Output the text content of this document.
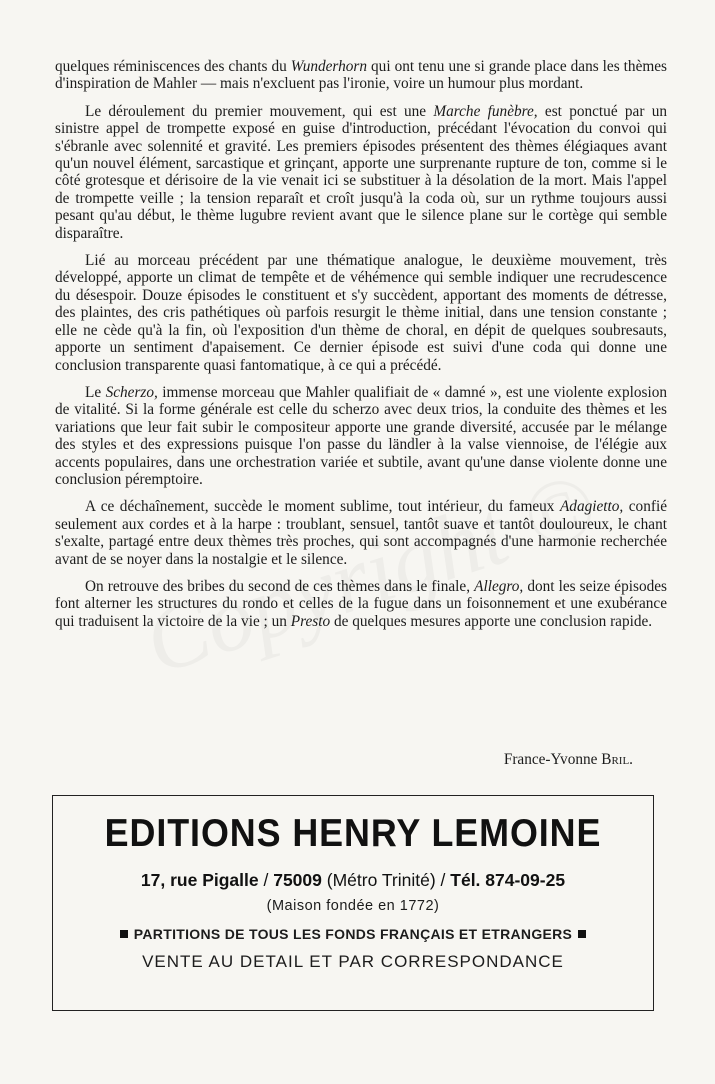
quelques réminiscences des chants du Wunderhorn qui ont tenu une si grande place dans les thèmes d'inspiration de Mahler — mais n'excluent pas l'ironie, voire un humour plus mordant.

Le déroulement du premier mouvement, qui est une Marche funèbre, est ponctué par un sinistre appel de trompette exposé en guise d'introduction, précédant l'évocation du convoi qui s'ébranle avec solennité et gravité. Les premiers épisodes présentent des thèmes élégiaques avant qu'un nouvel élément, sarcastique et grinçant, apporte une surprenante rupture de ton, comme si le côté grotesque et dérisoire de la vie venait ici se substituer à la désolation de la mort. Mais l'appel de trompette veille ; la tension reparaît et croît jusqu'à la coda où, sur un rythme toujours aussi pesant qu'au début, le thème lugubre revient avant que le silence plane sur le cortège qui semble disparaître.

Lié au morceau précédent par une thématique analogue, le deuxième mouvement, très développé, apporte un climat de tempête et de véhémence qui semble indiquer une recrudescence du désespoir. Douze épisodes le constituent et s'y succèdent, apportant des moments de détresse, des plaintes, des cris pathétiques où parfois resurgit le thème initial, dans une tension constante ; elle ne cède qu'à la fin, où l'exposition d'un thème de choral, en dépit de quelques soubresauts, apporte un sentiment d'apaisement. Ce dernier épisode est suivi d'une coda qui donne une conclusion transparente quasi fantomatique, à ce qui a précédé.

Le Scherzo, immense morceau que Mahler qualifiait de « damné », est une violente explosion de vitalité. Si la forme générale est celle du scherzo avec deux trios, la conduite des thèmes et les variations que leur fait subir le compositeur apporte une grande diversité, accusée par le mélange des styles et des expressions puisque l'on passe du ländler à la valse viennoise, de l'élégie aux accents populaires, dans une orchestration variée et subtile, avant qu'une danse violente donne une conclusion péremptoire.

A ce déchaînement, succède le moment sublime, tout intérieur, du fameux Adagietto, confié seulement aux cordes et à la harpe : troublant, sensuel, tantôt suave et tantôt douloureux, le chant s'exalte, partagé entre deux thèmes très proches, qui sont accompagnés d'une harmonie recherchée avant de se noyer dans la nostalgie et le silence.

On retrouve des bribes du second de ces thèmes dans le finale, Allegro, dont les seize épisodes font alterner les structures du rondo et celles de la fugue dans un foisonnement et une exubérance qui traduisent la victoire de la vie ; un Presto de quelques mesures apporte une conclusion rapide.

France-Yvonne Bril.
EDITIONS HENRY LEMOINE
17, rue Pigalle / 75009 (Métro Trinité) / Tél. 874-09-25
(Maison fondée en 1772)
PARTITIONS DE TOUS LES FONDS FRANÇAIS ET ETRANGERS
VENTE AU DETAIL ET PAR CORRESPONDANCE
